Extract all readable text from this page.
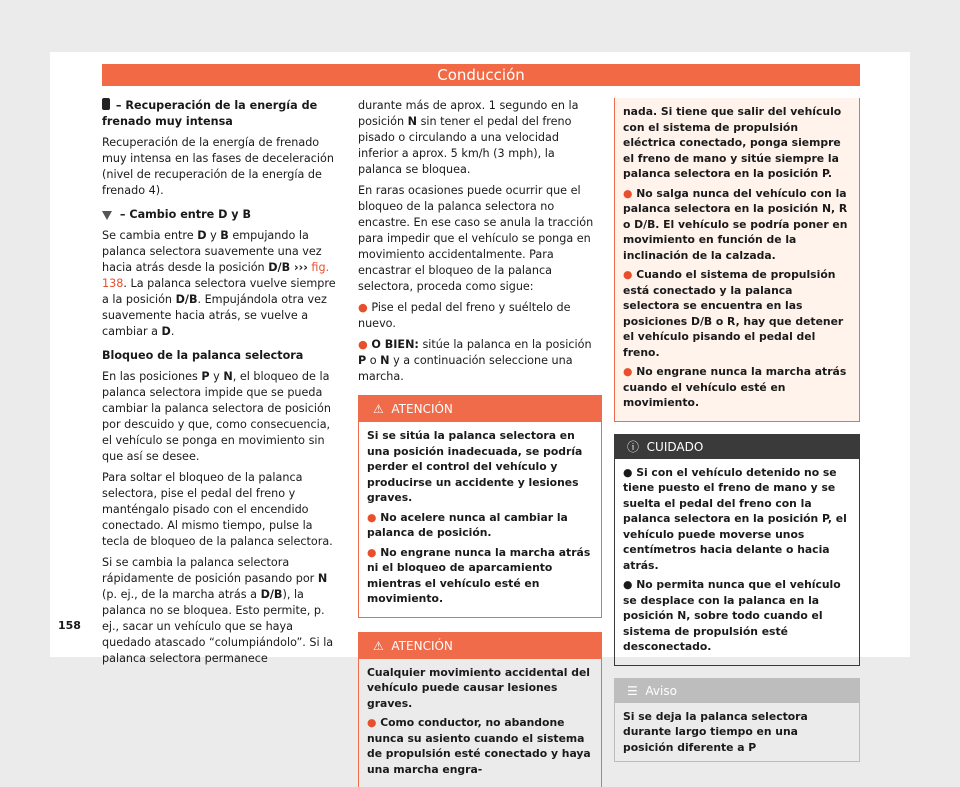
Conducción

– Recuperación de la energía de frenado muy intensa

Recuperación de la energía de frenado muy intensa en las fases de deceleración (nivel de recuperación de la energía de frenado 4).

– Cambio entre D y B

Se cambia entre D y B empujando la palanca selectora suavemente una vez hacia atrás desde la posición D/B ››› fig. 138. La palanca selectora vuelve siempre a la posición D/B. Empujándola otra vez suavemente hacia atrás, se vuelve a cambiar a D.

Bloqueo de la palanca selectora

En las posiciones P y N, el bloqueo de la palanca selectora impide que se pueda cambiar la palanca selectora de posición por descuido y que, como consecuencia, el vehículo se ponga en movimiento sin que así se desee.

Para soltar el bloqueo de la palanca selectora, pise el pedal del freno y manténgalo pisado con el encendido conectado. Al mismo tiempo, pulse la tecla de bloqueo de la palanca selectora.

Si se cambia la palanca selectora rápidamente de posición pasando por N (p. ej., de la marcha atrás a D/B), la palanca no se bloquea. Esto permite, p. ej., sacar un vehículo que se haya quedado atascado “columpiándolo”. Si la palanca selectora permanece

durante más de aprox. 1 segundo en la posición N sin tener el pedal del freno pisado o circulando a una velocidad inferior a aprox. 5 km/h (3 mph), la palanca se bloquea.

En raras ocasiones puede ocurrir que el bloqueo de la palanca selectora no encastre. En ese caso se anula la tracción para impedir que el vehículo se ponga en movimiento accidentalmente. Para encastrar el bloqueo de la palanca selectora, proceda como sigue:

● Pise el pedal del freno y suéltelo de nuevo.

● O BIEN: sitúe la palanca en la posición P o N y a continuación seleccione una marcha.

⚠ ATENCIÓN

Si se sitúa la palanca selectora en una posición inadecuada, se podría perder el control del vehículo y producirse un accidente y lesiones graves.

● No acelere nunca al cambiar la palanca de posición.

● No engrane nunca la marcha atrás ni el bloqueo de aparcamiento mientras el vehículo esté en movimiento.

⚠ ATENCIÓN

Cualquier movimiento accidental del vehículo puede causar lesiones graves.

● Como conductor, no abandone nunca su asiento cuando el sistema de propulsión esté conectado y haya una marcha engra-

nada. Si tiene que salir del vehículo con el sistema de propulsión eléctrica conectado, ponga siempre el freno de mano y sitúe siempre la palanca selectora en la posición P.

● No salga nunca del vehículo con la palanca selectora en la posición N, R o D/B. El vehículo se podría poner en movimiento en función de la inclinación de la calzada.

● Cuando el sistema de propulsión está conectado y la palanca selectora se encuentra en las posiciones D/B o R, hay que detener el vehículo pisando el pedal del freno.

● No engrane nunca la marcha atrás cuando el vehículo esté en movimiento.

ⓘ CUIDADO

● Si con el vehículo detenido no se tiene puesto el freno de mano y se suelta el pedal del freno con la palanca selectora en la posición P, el vehículo puede moverse unos centímetros hacia delante o hacia atrás.

● No permita nunca que el vehículo se desplace con la palanca en la posición N, sobre todo cuando el sistema de propulsión esté desconectado.

☰ Aviso
Si se deja la palanca selectora durante largo tiempo en una posición diferente a P
158
